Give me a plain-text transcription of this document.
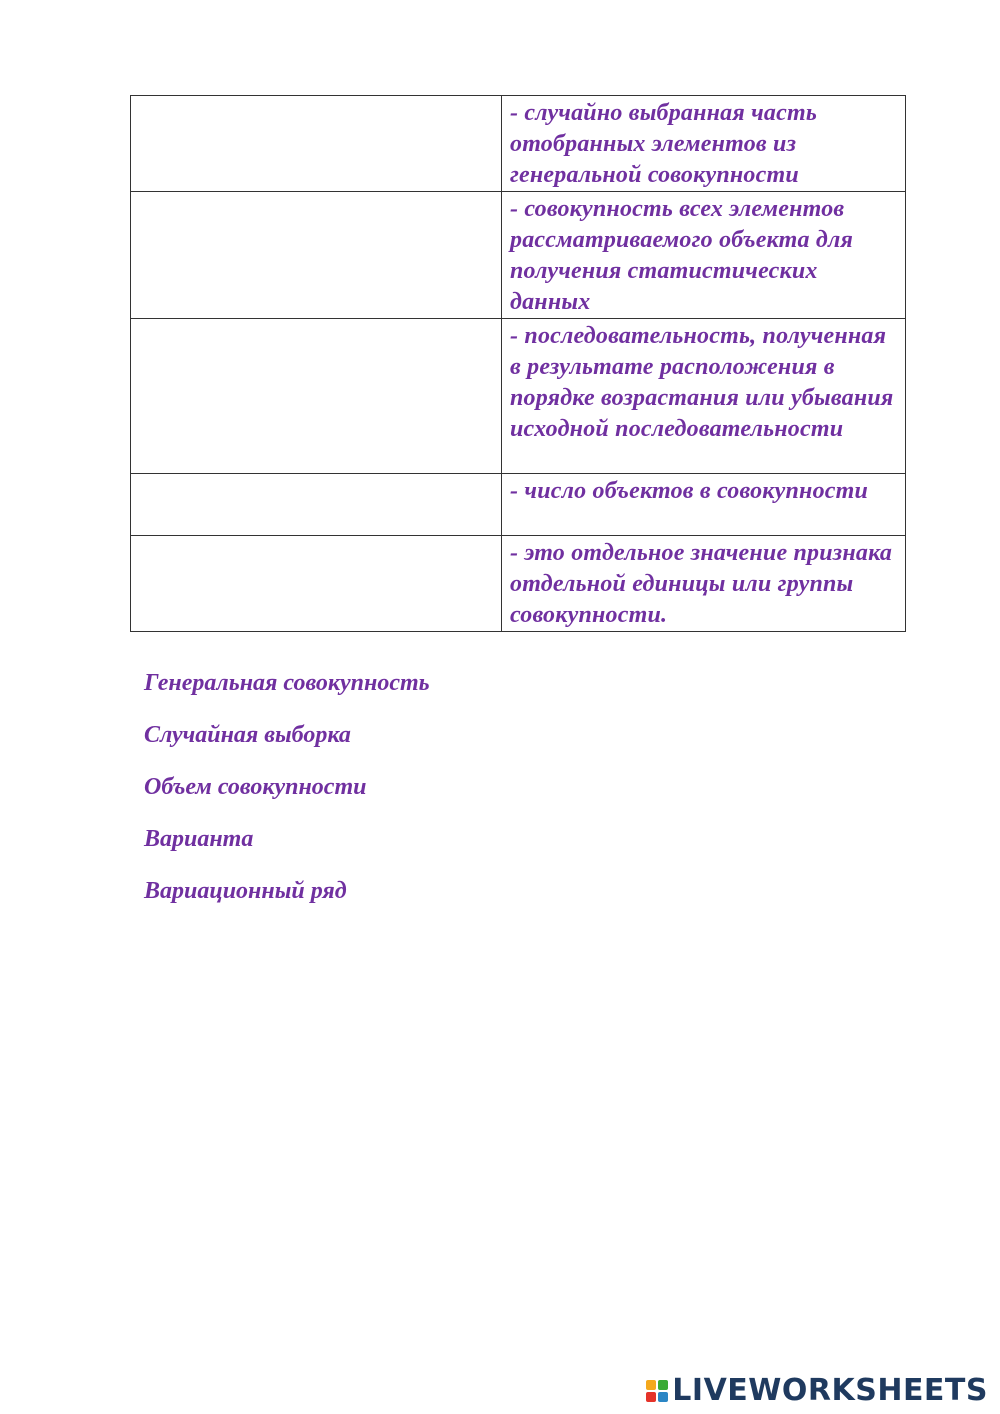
	- случайно выбранная часть отобранных элементов из генеральной совокупности
	- совокупность всех элементов рассматриваемого объекта для получения статистических данных
	- последовательность, полученная в результате расположения в порядке возрастания или убывания исходной последовательности
	- число объектов в совокупности
	- это отдельное значение признака отдельной единицы или группы совокупности.
Генеральная совокупность
Случайная выборка
Объем совокупности
Варианта
Вариационный ряд
LIVEWORKSHEETS
